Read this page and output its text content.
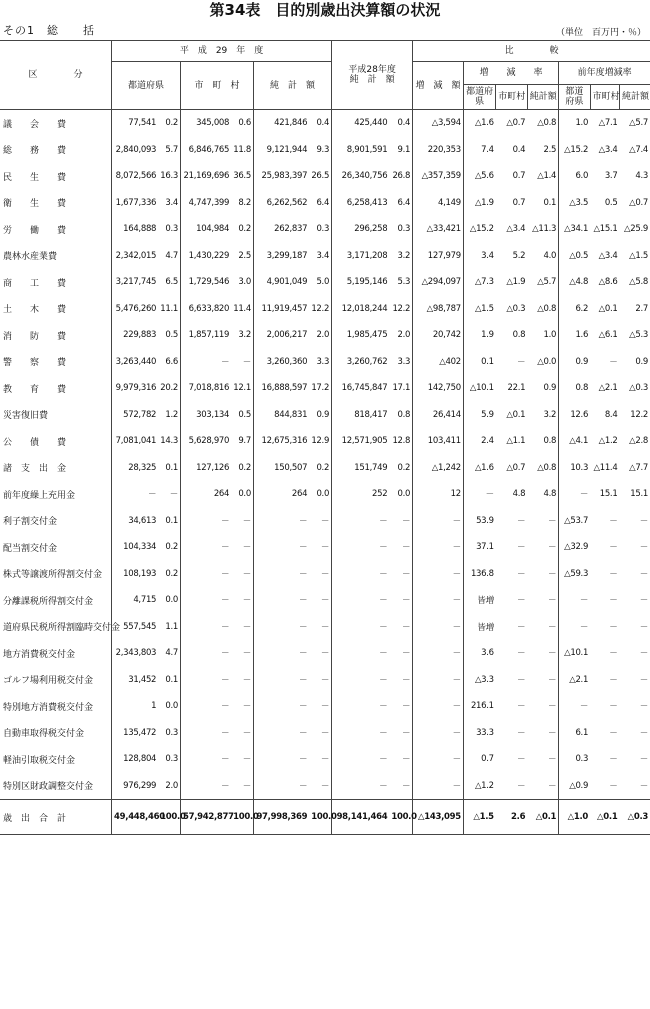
第34表　目的別歳出決算額の状況
その1　総　　括	（単位　百万円・％）
区　　　　分	平　成　29　年　度						平成28年度
純　計　額		比　　　　較						
	都道府県		市　町　村		純　計　額				増　減　額	増　　減　　率			前年度増減率		
										都道府県	市町村	純計額	都道府県	市町村	純計額
議　　会　　費	77,541	0.2	345,008	0.6	421,846	0.4	425,440	0.4	△3,594	△1.6	△0.7	△0.8	1.0	△7.1	△5.7
総　　務　　費	2,840,093	5.7	6,846,765	11.8	9,121,944	9.3	8,901,591	9.1	220,353	7.4	0.4	2.5	△15.2	△3.4	△7.4
民　　生　　費	8,072,566	16.3	21,169,696	36.5	25,983,397	26.5	26,340,756	26.8	△357,359	△5.6	0.7	△1.4	6.0	3.7	4.3
衛　　生　　費	1,677,336	3.4	4,747,399	8.2	6,262,562	6.4	6,258,413	6.4	4,149	△1.9	0.7	0.1	△3.5	0.5	△0.7
労　　働　　費	164,888	0.3	104,984	0.2	262,837	0.3	296,258	0.3	△33,421	△15.2	△3.4	△11.3	△34.1	△15.1	△25.9
農林水産業費	2,342,015	4.7	1,430,229	2.5	3,299,187	3.4	3,171,208	3.2	127,979	3.4	5.2	4.0	△0.5	△3.4	△1.5
商　　工　　費	3,217,745	6.5	1,729,546	3.0	4,901,049	5.0	5,195,146	5.3	△294,097	△7.3	△1.9	△5.7	△4.8	△8.6	△5.8
土　　木　　費	5,476,260	11.1	6,633,820	11.4	11,919,457	12.2	12,018,244	12.2	△98,787	△1.5	△0.3	△0.8	6.2	△0.1	2.7
消　　防　　費	229,883	0.5	1,857,119	3.2	2,006,217	2.0	1,985,475	2.0	20,742	1.9	0.8	1.0	1.6	△6.1	△5.3
警　　察　　費	3,263,440	6.6	－	－	3,260,360	3.3	3,260,762	3.3	△402	0.1	－	△0.0	0.9	－	0.9
教　　育　　費	9,979,316	20.2	7,018,816	12.1	16,888,597	17.2	16,745,847	17.1	142,750	△10.1	22.1	0.9	0.8	△2.1	△0.3
災害復旧費	572,782	1.2	303,134	0.5	844,831	0.9	818,417	0.8	26,414	5.9	△0.1	3.2	12.6	8.4	12.2
公　　債　　費	7,081,041	14.3	5,628,970	9.7	12,675,316	12.9	12,571,905	12.8	103,411	2.4	△1.1	0.8	△4.1	△1.2	△2.8
諸　支　出　金	28,325	0.1	127,126	0.2	150,507	0.2	151,749	0.2	△1,242	△1.6	△0.7	△0.8	10.3	△11.4	△7.7
前年度繰上充用金	－	－	264	0.0	264	0.0	252	0.0	12	－	4.8	4.8	－	15.1	15.1
利子割交付金	34,613	0.1	－	－	－	－	－	－	－	53.9	－	－	△53.7	－	－
配当割交付金	104,334	0.2	－	－	－	－	－	－	－	37.1	－	－	△32.9	－	－
株式等譲渡所得割交付金	108,193	0.2	－	－	－	－	－	－	－	136.8	－	－	△59.3	－	－
分離課税所得割交付金	4,715	0.0	－	－	－	－	－	－	－	皆増	－	－	－	－	－
道府県民税所得割臨時交付金	557,545	1.1	－	－	－	－	－	－	－	皆増	－	－	－	－	－
地方消費税交付金	2,343,803	4.7	－	－	－	－	－	－	－	3.6	－	－	△10.1	－	－
ゴルフ場利用税交付金	31,452	0.1	－	－	－	－	－	－	－	△3.3	－	－	△2.1	－	－
特別地方消費税交付金	1	0.0	－	－	－	－	－	－	－	216.1	－	－	－	－	－
自動車取得税交付金	135,472	0.3	－	－	－	－	－	－	－	33.3	－	－	6.1	－	－
軽油引取税交付金	128,804	0.3	－	－	－	－	－	－	－	0.7	－	－	0.3	－	－
特別区財政調整交付金	976,299	2.0	－	－	－	－	－	－	－	△1.2	－	－	△0.9	－	－
歳　出　合　計	49,448,460	100.0	57,942,877	100.0	97,998,369	100.0	98,141,464	100.0	△143,095	△1.5	2.6	△0.1	△1.0	△0.1	△0.3
